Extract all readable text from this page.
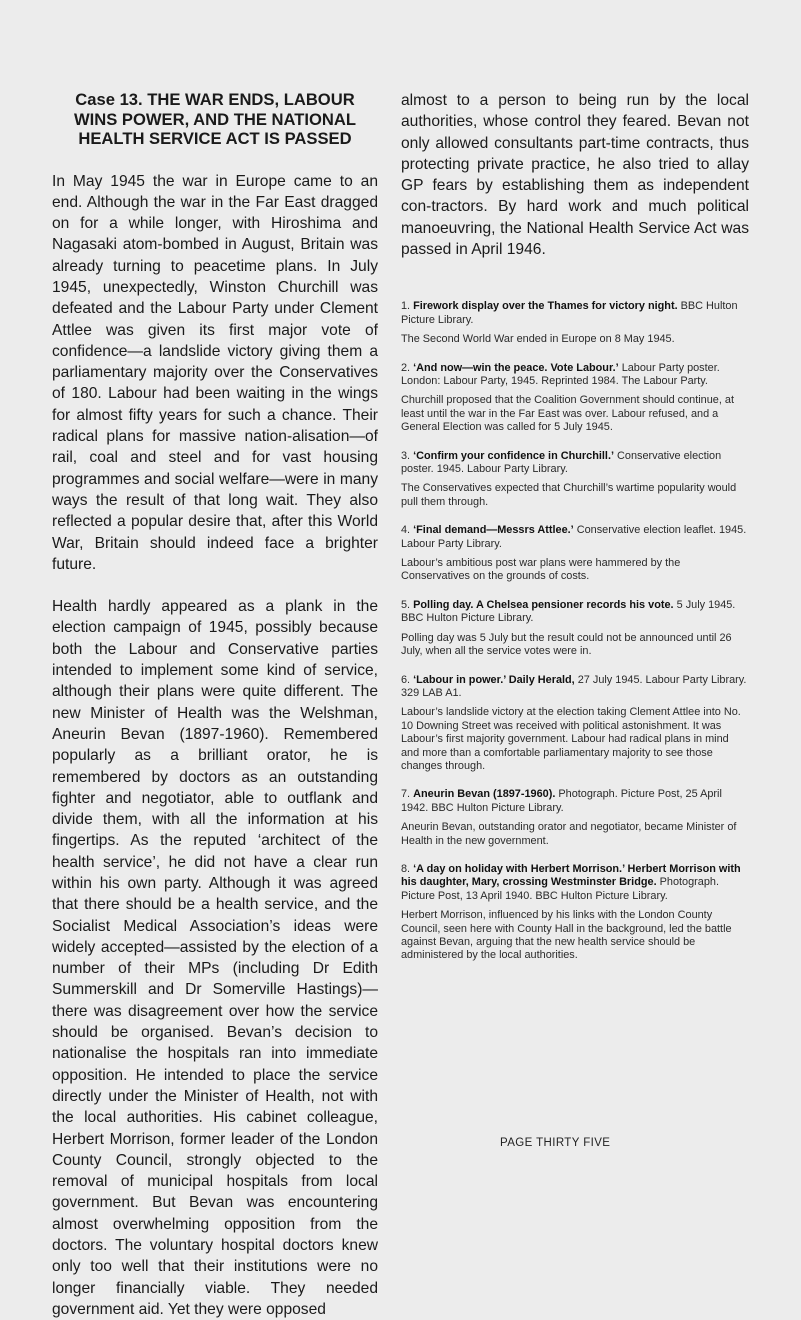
Case 13. THE WAR ENDS, LABOUR WINS POWER, AND THE NATIONAL HEALTH SERVICE ACT IS PASSED

In May 1945 the war in Europe came to an end. Although the war in the Far East dragged on for a while longer, with Hiroshima and Nagasaki atom-bombed in August, Britain was already turning to peacetime plans. In July 1945, unexpectedly, Winston Churchill was defeated and the Labour Party under Clement Attlee was given its first major vote of confidence—a landslide victory giving them a parliamentary majority over the Conservatives of 180. Labour had been waiting in the wings for almost fifty years for such a chance. Their radical plans for massive nation-alisation—of rail, coal and steel and for vast housing programmes and social welfare—were in many ways the result of that long wait. They also reflected a popular desire that, after this World War, Britain should indeed face a brighter future.

Health hardly appeared as a plank in the election campaign of 1945, possibly because both the Labour and Conservative parties intended to implement some kind of service, although their plans were quite different. The new Minister of Health was the Welshman, Aneurin Bevan (1897-1960). Remembered popularly as a brilliant orator, he is remembered by doctors as an outstanding fighter and negotiator, able to outflank and divide them, with all the information at his fingertips. As the reputed ‘architect of the health service’, he did not have a clear run within his own party. Although it was agreed that there should be a health service, and the Socialist Medical Association’s ideas were widely accepted—assisted by the election of a number of their MPs (including Dr Edith Summerskill and Dr Somerville Hastings)—there was disagreement over how the service should be organised. Bevan’s decision to nationalise the hospitals ran into immediate opposition. He intended to place the service directly under the Minister of Health, not with the local authorities. His cabinet colleague, Herbert Morrison, former leader of the London County Council, strongly objected to the removal of municipal hospitals from local government. But Bevan was encountering almost overwhelming opposition from the doctors. The voluntary hospital doctors knew only too well that their institutions were no longer financially viable. They needed government aid. Yet they were opposed

almost to a person to being run by the local authorities, whose control they feared. Bevan not only allowed consultants part-time contracts, thus protecting private practice, he also tried to allay GP fears by establishing them as independent con-tractors. By hard work and much political manoeuvring, the National Health Service Act was passed in April 1946.

1. Firework display over the Thames for victory night. BBC Hulton Picture Library.

The Second World War ended in Europe on 8 May 1945.

2. ‘And now—win the peace. Vote Labour.’ Labour Party poster. London: Labour Party, 1945. Reprinted 1984. The Labour Party.

Churchill proposed that the Coalition Government should continue, at least until the war in the Far East was over. Labour refused, and a General Election was called for 5 July 1945.

3. ‘Confirm your confidence in Churchill.’ Conservative election poster. 1945. Labour Party Library.

The Conservatives expected that Churchill’s wartime popularity would pull them through.

4. ‘Final demand—Messrs Attlee.’ Conservative election leaflet. 1945. Labour Party Library.

Labour’s ambitious post war plans were hammered by the Conservatives on the grounds of costs.

5. Polling day. A Chelsea pensioner records his vote. 5 July 1945. BBC Hulton Picture Library.

Polling day was 5 July but the result could not be announced until 26 July, when all the service votes were in.

6. ‘Labour in power.’ Daily Herald, 27 July 1945. Labour Party Library. 329 LAB A1.

Labour’s landslide victory at the election taking Clement Attlee into No. 10 Downing Street was received with political astonishment. It was Labour’s first majority government. Labour had radical plans in mind and more than a comfortable parliamentary majority to see those changes through.

7. Aneurin Bevan (1897-1960). Photograph. Picture Post, 25 April 1942. BBC Hulton Picture Library.

Aneurin Bevan, outstanding orator and negotiator, became Minister of Health in the new government.

8. ‘A day on holiday with Herbert Morrison.’ Herbert Morrison with his daughter, Mary, crossing Westminster Bridge. Photograph. Picture Post, 13 April 1940. BBC Hulton Picture Library.

Herbert Morrison, influenced by his links with the London County Council, seen here with County Hall in the background, led the battle against Bevan, arguing that the new health service should be administered by the local authorities.

PAGE THIRTY FIVE
